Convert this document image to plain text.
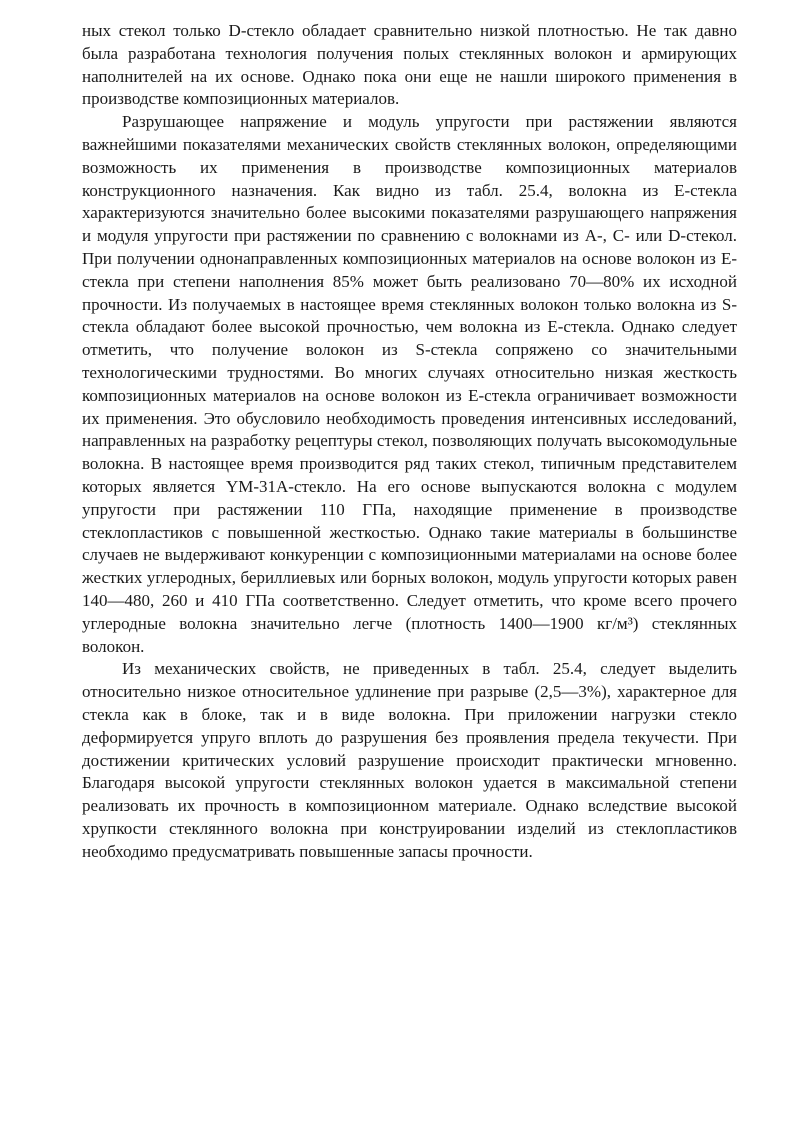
ных стекол только D-стекло обладает сравнительно низкой плотностью. Не так давно была разработана технология получения полых стеклянных волокон и армирующих наполнителей на их основе. Однако пока они еще не нашли широкого применения в производстве композиционных материалов.

Разрушающее напряжение и модуль упругости при растяжении являются важнейшими показателями механических свойств стеклянных волокон, определяющими возможность их применения в производстве композиционных материалов конструкционного назначения. Как видно из табл. 25.4, волокна из Е-стекла характеризуются значительно более высокими показателями разрушающего напряжения и модуля упругости при растяжении по сравнению с волокнами из А-, С- или D-стекол. При получении однонаправленных композиционных материалов на основе волокон из Е-стекла при степени наполнения 85% может быть реализовано 70—80% их исходной прочности. Из получаемых в настоящее время стеклянных волокон только волокна из S-стекла обладают более высокой прочностью, чем волокна из Е-стекла. Однако следует отметить, что получение волокон из S-стекла сопряжено со значительными технологическими трудностями. Во многих случаях относительно низкая жесткость композиционных материалов на основе волокон из Е-стекла ограничивает возможности их применения. Это обусловило необходимость проведения интенсивных исследований, направленных на разработку рецептуры стекол, позволяющих получать высокомодульные волокна. В настоящее время производится ряд таких стекол, типичным представителем которых является YM-31A-стекло. На его основе выпускаются волокна с модулем упругости при растяжении 110 ГПа, находящие применение в производстве стеклопластиков с повышенной жесткостью. Однако такие материалы в большинстве случаев не выдерживают конкуренции с композиционными материалами на основе более жестких углеродных, бериллиевых или борных волокон, модуль упругости которых равен 140—480, 260 и 410 ГПа соответственно. Следует отметить, что кроме всего прочего углеродные волокна значительно легче (плотность 1400—1900 кг/м³) стеклянных волокон.

Из механических свойств, не приведенных в табл. 25.4, следует выделить относительно низкое относительное удлинение при разрыве (2,5—3%), характерное для стекла как в блоке, так и в виде волокна. При приложении нагрузки стекло деформируется упруго вплоть до разрушения без проявления предела текучести. При достижении критических условий разрушение происходит практически мгновенно. Благодаря высокой упругости стеклянных волокон удается в максимальной степени реализовать их прочность в композиционном материале. Однако вследствие высокой хрупкости стеклянного волокна при конструировании изделий из стеклопластиков необходимо предусматривать повышенные запасы прочности.
